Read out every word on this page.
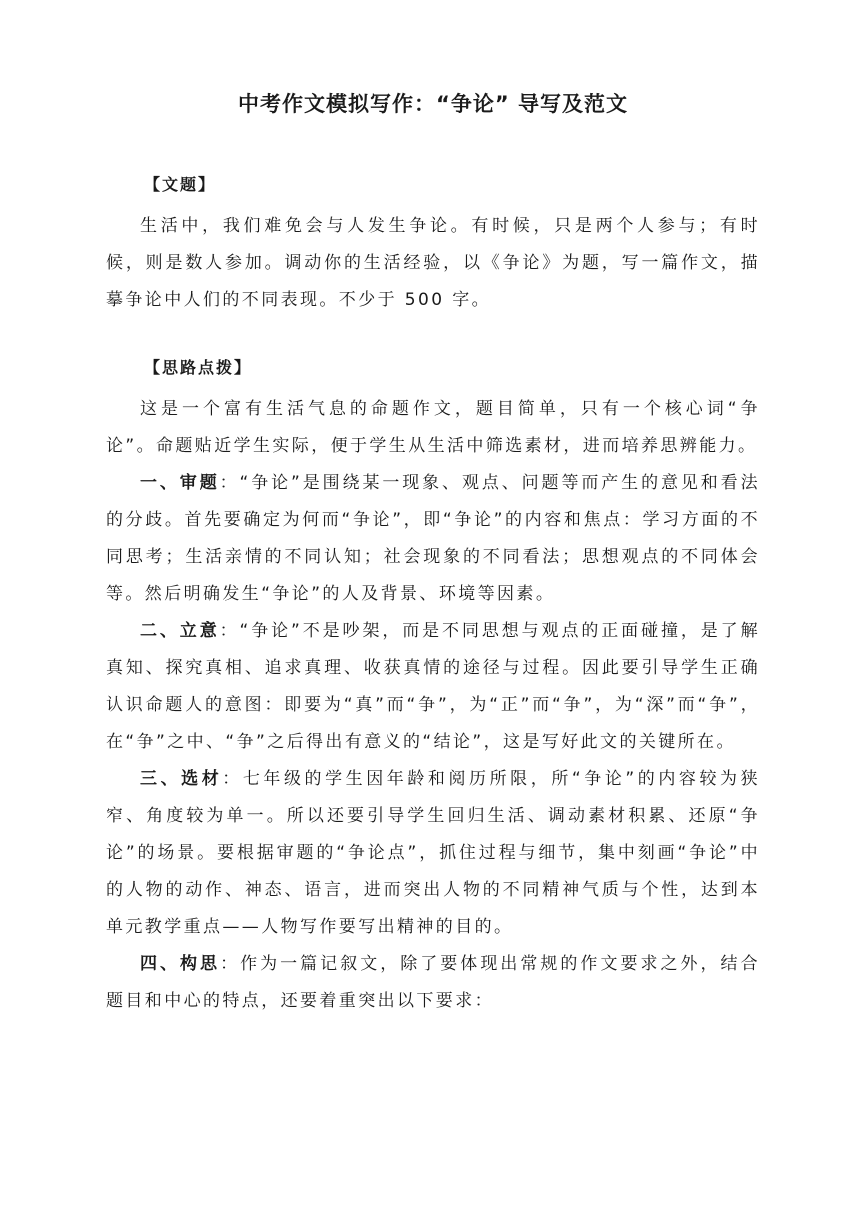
中考作文模拟写作：“争论” 导写及范文
【文题】

生活中，我们难免会与人发生争论。有时候，只是两个人参与；有时候，则是数人参加。调动你的生活经验，以《争论》为题，写一篇作文，描摹争论中人们的不同表现。不少于 500 字。

【思路点拨】

这是一个富有生活气息的命题作文，题目简单，只有一个核心词“争论”。命题贴近学生实际，便于学生从生活中筛选素材，进而培养思辨能力。

一、审题：“争论”是围绕某一现象、观点、问题等而产生的意见和看法的分歧。首先要确定为何而“争论”，即“争论”的内容和焦点：学习方面的不同思考；生活亲情的不同认知；社会现象的不同看法；思想观点的不同体会等。然后明确发生“争论”的人及背景、环境等因素。

二、立意：“争论”不是吵架，而是不同思想与观点的正面碰撞，是了解真知、探究真相、追求真理、收获真情的途径与过程。因此要引导学生正确认识命题人的意图：即要为“真”而“争”，为“正”而“争”，为“深”而“争”，在“争”之中、“争”之后得出有意义的“结论”，这是写好此文的关键所在。

三、选材：七年级的学生因年龄和阅历所限，所“争论”的内容较为狭窄、角度较为单一。所以还要引导学生回归生活、调动素材积累、还原“争论”的场景。要根据审题的“争论点”，抓住过程与细节，集中刻画“争论”中的人物的动作、神态、语言，进而突出人物的不同精神气质与个性，达到本单元教学重点——人物写作要写出精神的目的。

四、构思：作为一篇记叙文，除了要体现出常规的作文要求之外，结合题目和中心的特点，还要着重突出以下要求：
